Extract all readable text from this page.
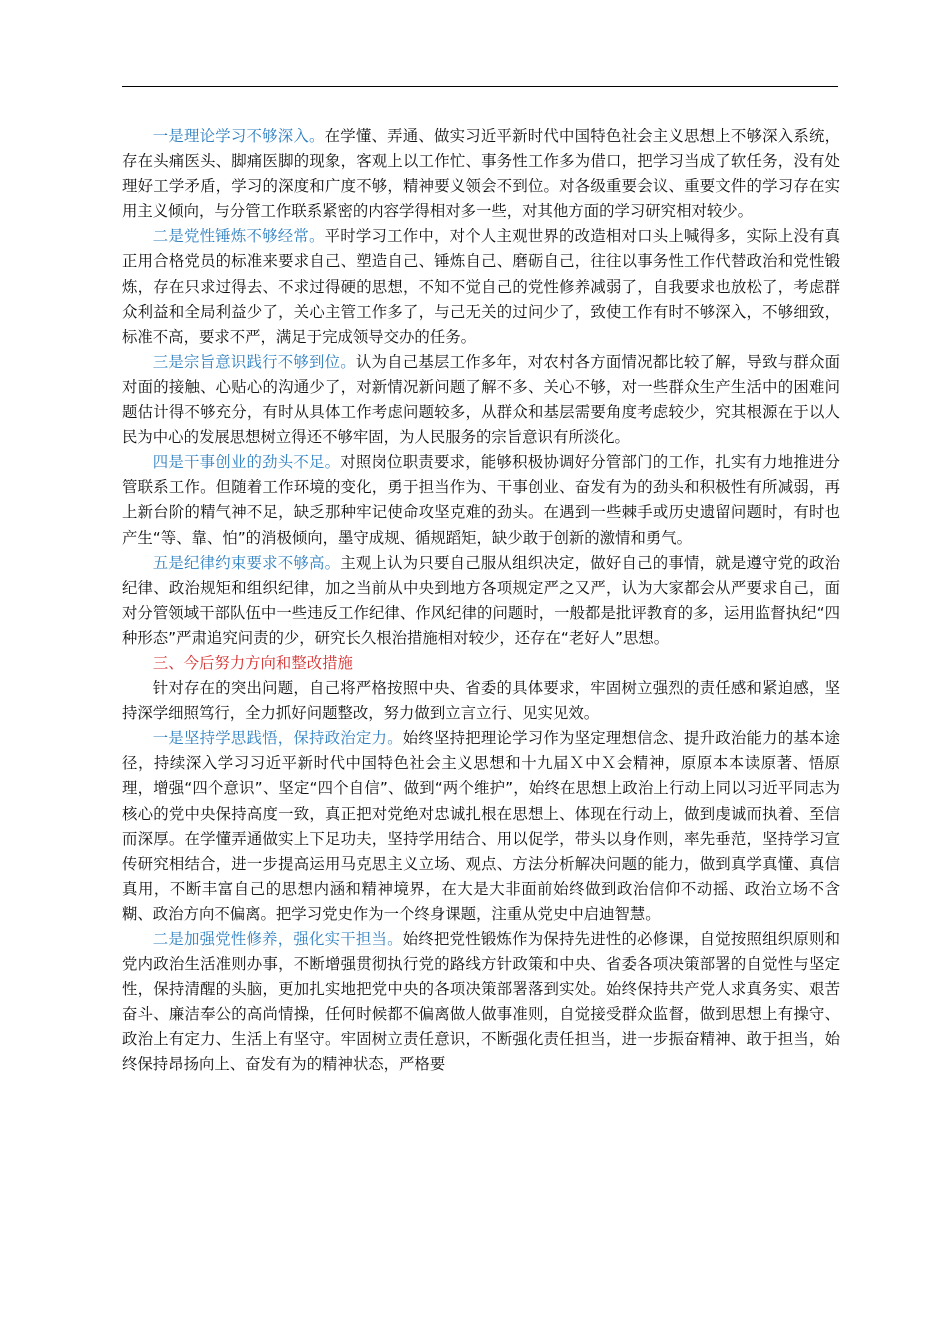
一是理论学习不够深入。在学懂、弄通、做实习近平新时代中国特色社会主义思想上不够深入系统，存在头痛医头、脚痛医脚的现象，客观上以工作忙、事务性工作多为借口，把学习当成了软任务，没有处理好工学矛盾，学习的深度和广度不够，精神要义领会不到位。对各级重要会议、重要文件的学习存在实用主义倾向，与分管工作联系紧密的内容学得相对多一些，对其他方面的学习研究相对较少。

二是党性锤炼不够经常。平时学习工作中，对个人主观世界的改造相对口头上喊得多，实际上没有真正用合格党员的标准来要求自己、塑造自己、锤炼自己、磨砺自己，往往以事务性工作代替政治和党性锻炼，存在只求过得去、不求过得硬的思想，不知不觉自己的党性修养减弱了，自我要求也放松了，考虑群众利益和全局利益少了，关心主管工作多了，与己无关的过问少了，致使工作有时不够深入，不够细致，标准不高，要求不严，满足于完成领导交办的任务。

三是宗旨意识践行不够到位。认为自己基层工作多年，对农村各方面情况都比较了解，导致与群众面对面的接触、心贴心的沟通少了，对新情况新问题了解不多、关心不够，对一些群众生产生活中的困难问题估计得不够充分，有时从具体工作考虑问题较多，从群众和基层需要角度考虑较少，究其根源在于以人民为中心的发展思想树立得还不够牢固，为人民服务的宗旨意识有所淡化。

四是干事创业的劲头不足。对照岗位职责要求，能够积极协调好分管部门的工作，扎实有力地推进分管联系工作。但随着工作环境的变化，勇于担当作为、干事创业、奋发有为的劲头和积极性有所减弱，再上新台阶的精气神不足，缺乏那种牢记使命攻坚克难的劲头。在遇到一些棘手或历史遗留问题时，有时也产生“等、靠、怕”的消极倾向，墨守成规、循规蹈矩，缺少敢于创新的激情和勇气。

五是纪律约束要求不够高。主观上认为只要自己服从组织决定，做好自己的事情，就是遵守党的政治纪律、政治规矩和组织纪律，加之当前从中央到地方各项规定严之又严，认为大家都会从严要求自己，面对分管领域干部队伍中一些违反工作纪律、作风纪律的问题时，一般都是批评教育的多，运用监督执纪“四种形态”严肃追究问责的少，研究长久根治措施相对较少，还存在“老好人”思想。

三、今后努力方向和整改措施

针对存在的突出问题，自己将严格按照中央、省委的具体要求，牢固树立强烈的责任感和紧迫感，坚持深学细照笃行，全力抓好问题整改，努力做到立言立行、见实见效。

一是坚持学思践悟，保持政治定力。始终坚持把理论学习作为坚定理想信念、提升政治能力的基本途径，持续深入学习习近平新时代中国特色社会主义思想和十九届Ｘ中Ｘ会精神，原原本本读原著、悟原理，增强“四个意识”、坚定“四个自信”、做到“两个维护”，始终在思想上政治上行动上同以习近平同志为核心的党中央保持高度一致，真正把对党绝对忠诚扎根在思想上、体现在行动上，做到虔诚而执着、至信而深厚。在学懂弄通做实上下足功夫，坚持学用结合、用以促学，带头以身作则，率先垂范，坚持学习宣传研究相结合，进一步提高运用马克思主义立场、观点、方法分析解决问题的能力，做到真学真懂、真信真用，不断丰富自己的思想内涵和精神境界，在大是大非面前始终做到政治信仰不动摇、政治立场不含糊、政治方向不偏离。把学习党史作为一个终身课题，注重从党史中启迪智慧。

二是加强党性修养，强化实干担当。始终把党性锻炼作为保持先进性的必修课，自觉按照组织原则和党内政治生活准则办事，不断增强贯彻执行党的路线方针政策和中央、省委各项决策部署的自觉性与坚定性，保持清醒的头脑，更加扎实地把党中央的各项决策部署落到实处。始终保持共产党人求真务实、艰苦奋斗、廉洁奉公的高尚情操，任何时候都不偏离做人做事准则，自觉接受群众监督，做到思想上有操守、政治上有定力、生活上有坚守。牢固树立责任意识，不断强化责任担当，进一步振奋精神、敢于担当，始终保持昂扬向上、奋发有为的精神状态，严格要
